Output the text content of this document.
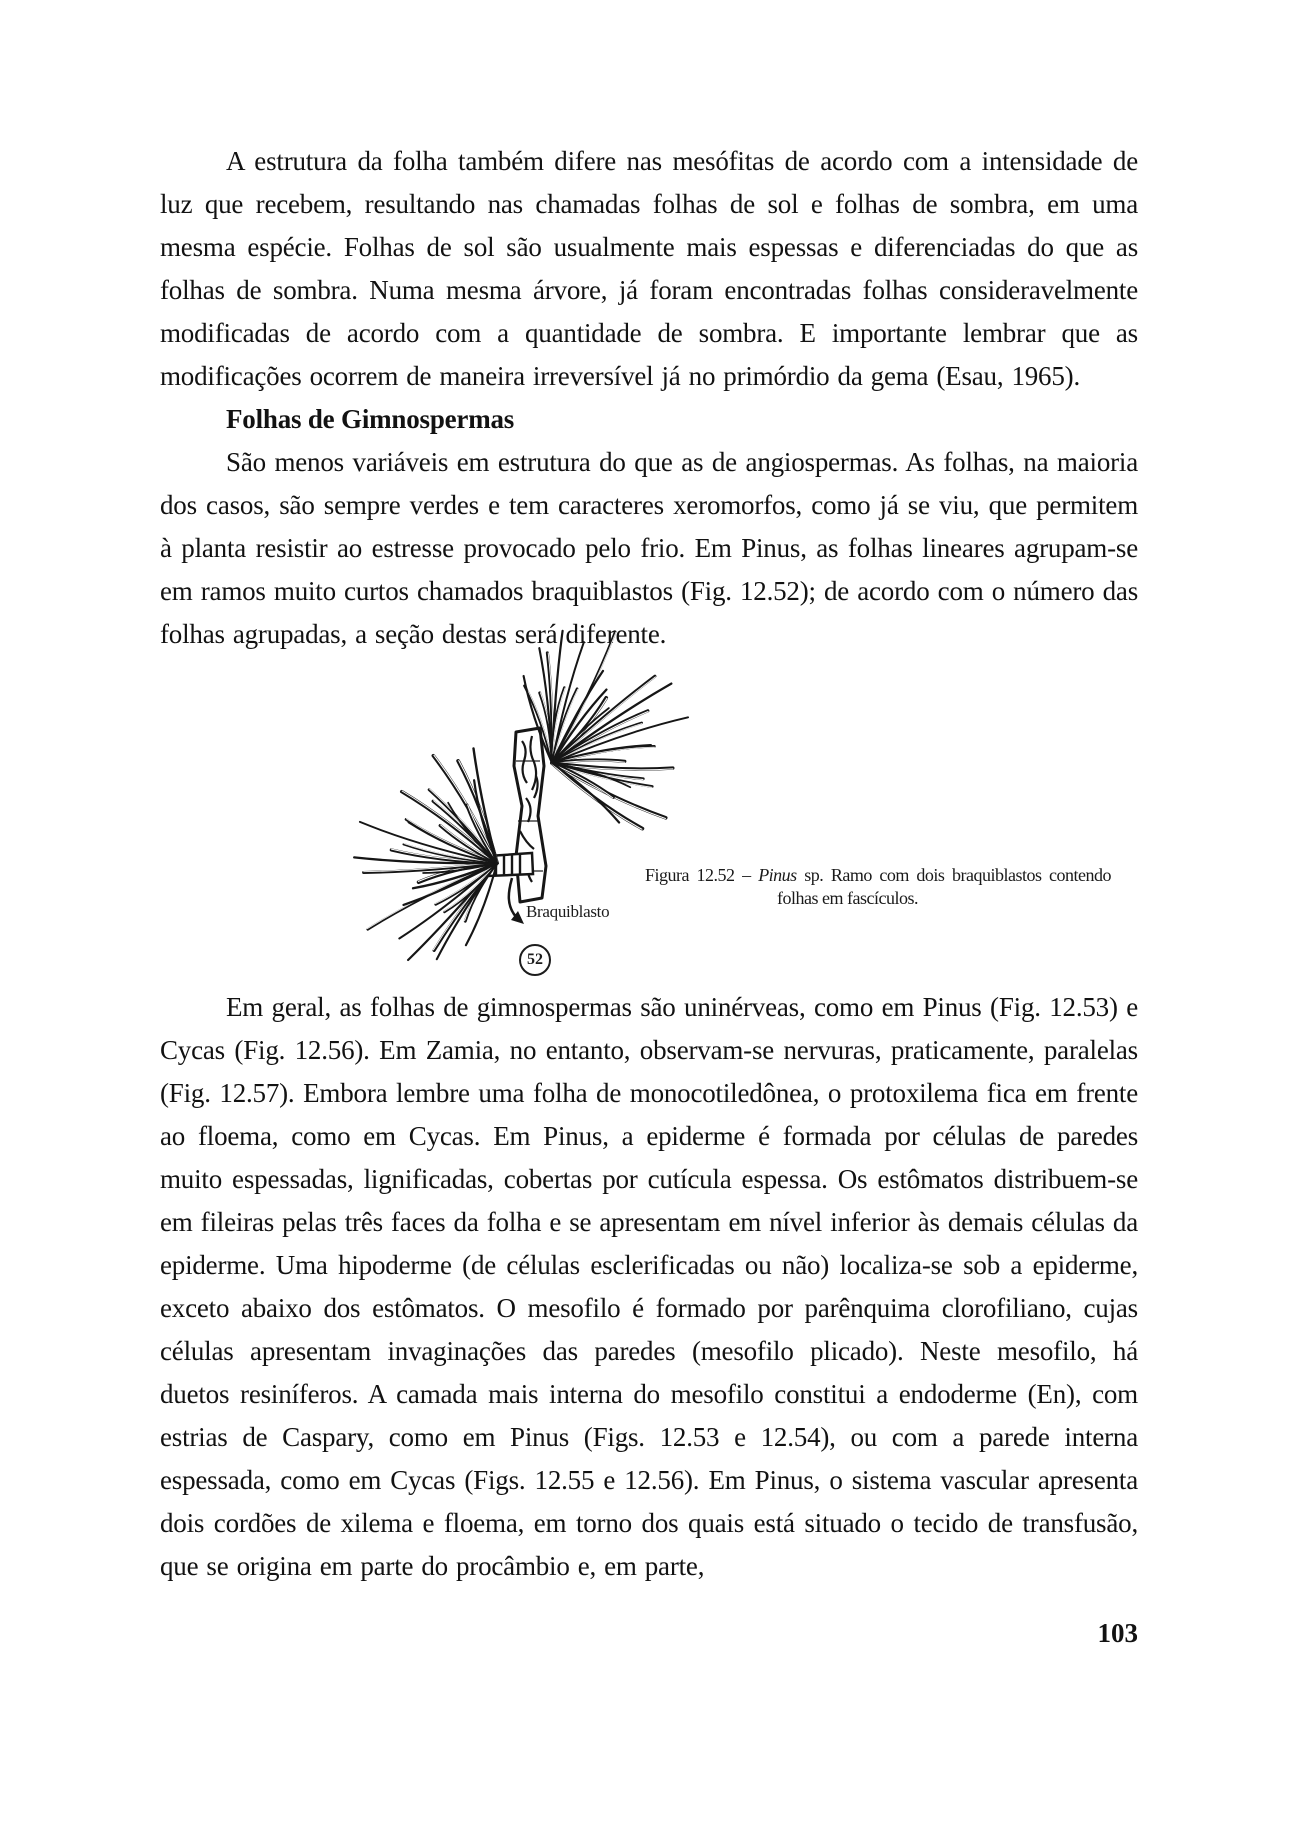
A estrutura da folha também difere nas mesófitas de acordo com a intensidade de luz que recebem, resultando nas chamadas folhas de sol e folhas de sombra, em uma mesma espécie. Folhas de sol são usualmente mais espessas e diferenciadas do que as folhas de sombra. Numa mesma árvore, já foram encontradas folhas consideravelmente modificadas de acordo com a quantidade de sombra. E importante lembrar que as modificações ocorrem de maneira irreversível já no primórdio da gema (Esau, 1965).

Folhas de Gimnospermas

São menos variáveis em estrutura do que as de angiospermas. As folhas, na maioria dos casos, são sempre verdes e tem caracteres xeromorfos, como já se viu, que permitem à planta resistir ao estresse provocado pelo frio. Em Pinus, as folhas lineares agrupam-se em ramos muito curtos chamados braquiblastos (Fig. 12.52); de acordo com o número das folhas agrupadas, a seção destas será diferente.

Braquiblasto
52
Figura 12.52 – Pinus sp. Ramo com dois braquiblastos contendo folhas em fascículos.

Em geral, as folhas de gimnospermas são uninérveas, como em Pinus (Fig. 12.53) e Cycas (Fig. 12.56). Em Zamia, no entanto, observam-se nervuras, praticamente, paralelas (Fig. 12.57). Embora lembre uma folha de monocotiledônea, o protoxilema fica em frente ao floema, como em Cycas. Em Pinus, a epiderme é formada por células de paredes muito espessadas, lignificadas, cobertas por cutícula espessa. Os estômatos distribuem-se em fileiras pelas três faces da folha e se apresentam em nível inferior às demais células da epiderme. Uma hipoderme (de células esclerificadas ou não) localiza-se sob a epiderme, exceto abaixo dos estômatos. O mesofilo é formado por parênquima clorofiliano, cujas células apresentam invaginações das paredes (mesofilo plicado). Neste mesofilo, há duetos resiníferos. A camada mais interna do mesofilo constitui a endoderme (En), com estrias de Caspary, como em Pinus (Figs. 12.53 e 12.54), ou com a parede interna espessada, como em Cycas (Figs. 12.55 e 12.56). Em Pinus, o sistema vascular apresenta dois cordões de xilema e floema, em torno dos quais está situado o tecido de transfusão, que se origina em parte do procâmbio e, em parte,

103
